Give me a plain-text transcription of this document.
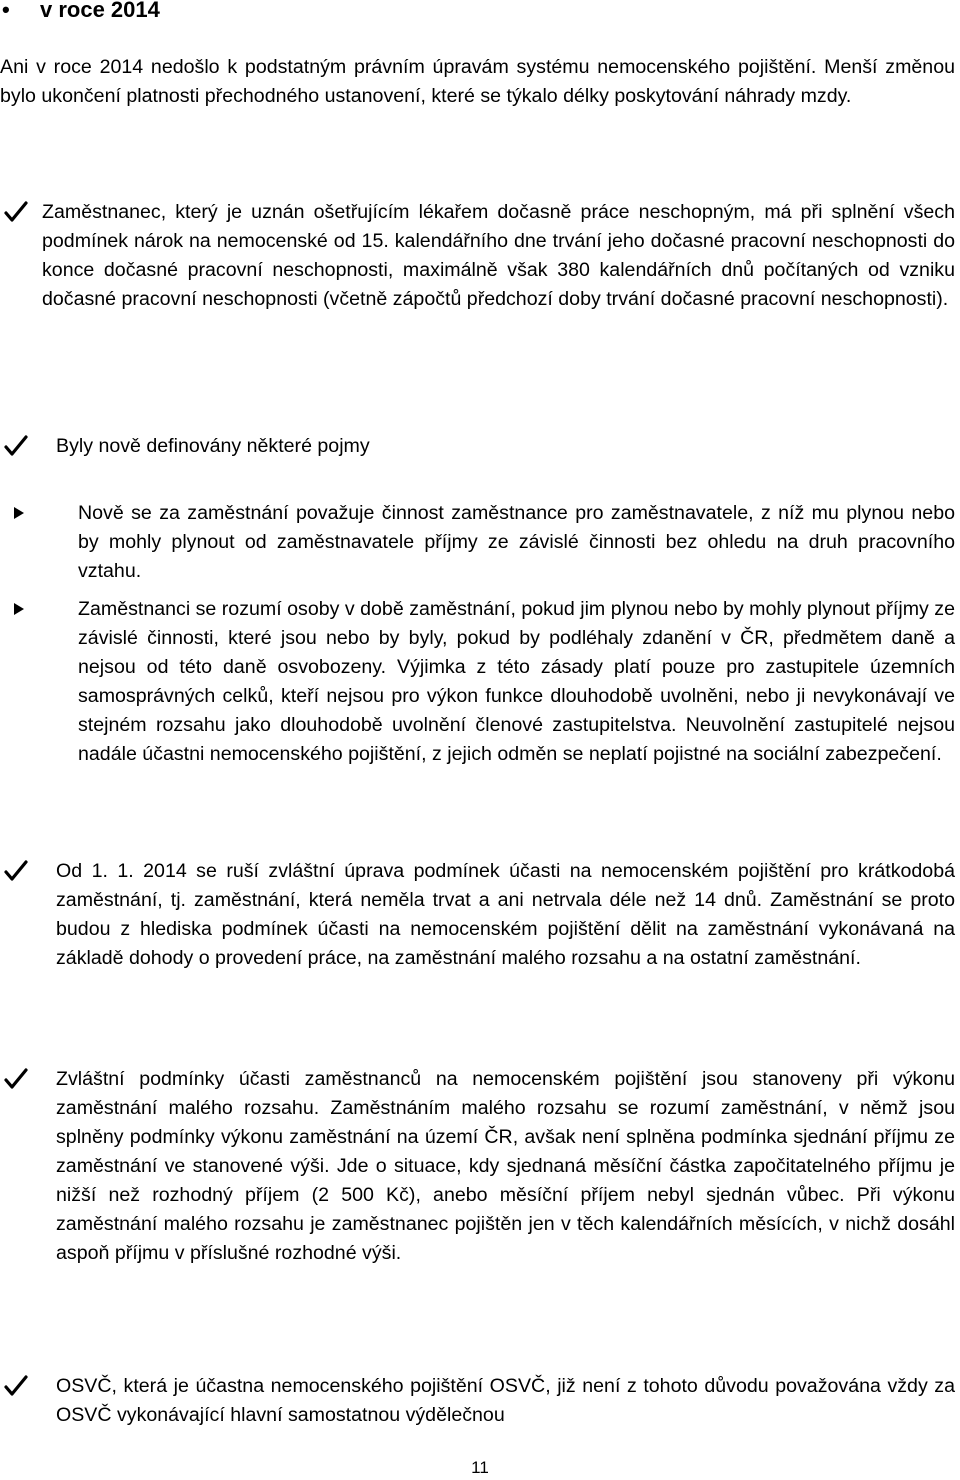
• v roce 2014

Ani v roce 2014 nedošlo k podstatným právním úpravám systému nemocenského pojištění. Menší změnou bylo ukončení platnosti přechodného ustanovení, které se týkalo délky poskytování náhrady mzdy.

Zaměstnanec, který je uznán ošetřujícím lékařem dočasně práce neschopným, má při splnění všech podmínek nárok na nemocenské od 15. kalendářního dne trvání jeho dočasné pracovní neschopnosti do konce dočasné pracovní neschopnosti, maximálně však 380 kalendářních dnů počítaných od vzniku dočasné pracovní neschopnosti (včetně zápočtů předchozí doby trvání dočasné pracovní neschopnosti).

Byly nově definovány některé pojmy

Nově se za zaměstnání považuje činnost zaměstnance pro zaměstnavatele, z níž mu plynou nebo by mohly plynout od zaměstnavatele příjmy ze závislé činnosti bez ohledu na druh pracovního vztahu.

Zaměstnanci se rozumí osoby v době zaměstnání, pokud jim plynou nebo by mohly plynout příjmy ze závislé činnosti, které jsou nebo by byly, pokud by podléhaly zdanění v ČR, předmětem daně a nejsou od této daně osvobozeny. Výjimka z této zásady platí pouze pro zastupitele územních samosprávných celků, kteří nejsou pro výkon funkce dlouhodobě uvolněni, nebo ji nevykonávají ve stejném rozsahu jako dlouhodobě uvolnění členové zastupitelstva. Neuvolnění zastupitelé nejsou nadále účastni nemocenského pojištění, z jejich odměn se neplatí pojistné na sociální zabezpečení.

Od 1. 1. 2014 se ruší zvláštní úprava podmínek účasti na nemocenském pojištění pro krátkodobá zaměstnání, tj. zaměstnání, která neměla trvat a ani netrvala déle než 14 dnů. Zaměstnání se proto budou z hlediska podmínek účasti na nemocenském pojištění dělit na zaměstnání vykonávaná na základě dohody o provedení práce, na zaměstnání malého rozsahu a na ostatní zaměstnání.

Zvláštní podmínky účasti zaměstnanců na nemocenském pojištění jsou stanoveny při výkonu zaměstnání malého rozsahu. Zaměstnáním malého rozsahu se rozumí zaměstnání, v němž jsou splněny podmínky výkonu zaměstnání na území ČR, avšak není splněna podmínka sjednání příjmu ze zaměstnání ve stanovené výši. Jde o situace, kdy sjednaná měsíční částka započitatelného příjmu je nižší než rozhodný příjem (2 500 Kč), anebo měsíční příjem nebyl sjednán vůbec. Při výkonu zaměstnání malého rozsahu je zaměstnanec pojištěn jen v těch kalendářních měsících, v nichž dosáhl aspoň příjmu v příslušné rozhodné výši.

OSVČ, která je účastna nemocenského pojištění OSVČ, již není z tohoto důvodu považována vždy za OSVČ vykonávající hlavní samostatnou výdělečnou

11
